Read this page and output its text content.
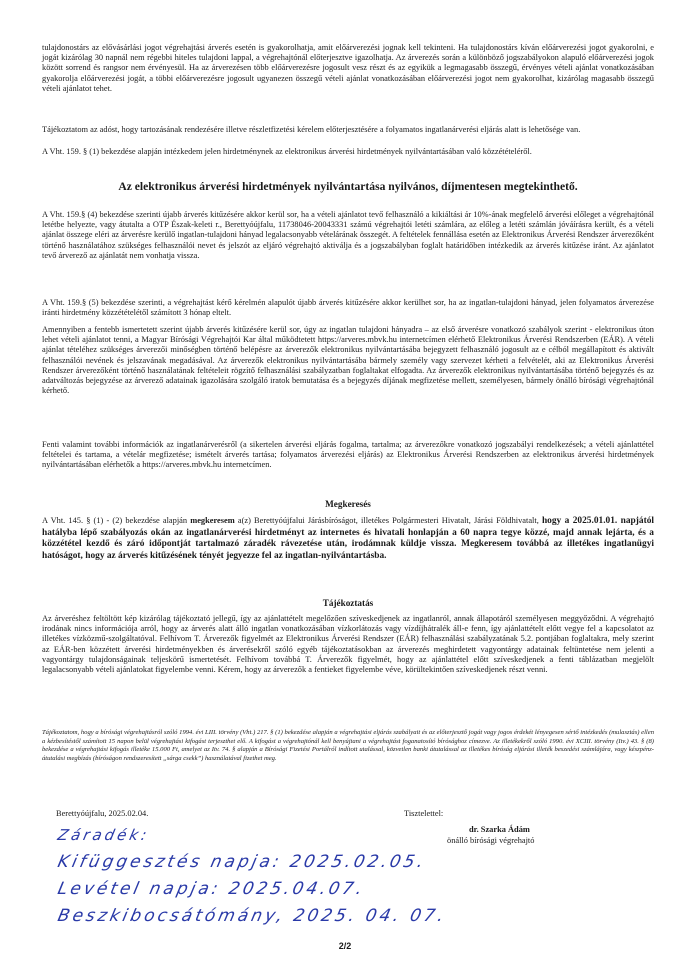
tulajdonostárs az elővásárlási jogot végrehajtási árverés esetén is gyakorolhatja, amit előárverezési jognak kell tekinteni. Ha tulajdonostárs kíván előárverezési jogot gyakorolni, e jogát kizárólag 30 napnál nem régebbi hiteles tulajdoni lappal, a végrehajtónál előterjesztve igazolhatja. Az árverezés során a különböző jogszabályokon alapuló előárverezési jogok között sorrend és rangsor nem érvényesül. Ha az árverezésen több előárverezésre jogosult vesz részt és az egyikük a legmagasabb összegű, érvényes vételi ajánlat vonatkozásában gyakorolja előárverezési jogát, a többi előárverezésre jogosult ugyanezen összegű vételi ajánlat vonatkozásában előárverezési jogot nem gyakorolhat, kizárólag magasabb összegű vételi ajánlatot tehet.

Tájékoztatom az adóst, hogy tartozásának rendezésére illetve részletfizetési kérelem előterjesztésére a folyamatos ingatlanárverési eljárás alatt is lehetősége van.

A Vht. 159. § (1) bekezdése alapján intézkedem jelen hirdetménynek az elektronikus árverési hirdetmények nyilvántartásában való közzétételéről.

Az elektronikus árverési hirdetmények nyilvántartása nyilvános, díjmentesen megtekinthető.

A Vht. 159.§ (4) bekezdése szerinti újabb árverés kitűzésére akkor kerül sor, ha a vételi ajánlatot tevő felhasználó a kikiáltási ár 10%-ának megfelelő árverési előleget a végrehajtónál letétbe helyezte, vagy átutalta a OTP Észak-keleti r., Berettyóújfalu, 11738046-20043331 számú végrehajtói letéti számlára, az előleg a letéti számlán jóváírásra került, és a vételi ajánlat összege eléri az árverésre kerülő ingatlan-tulajdoni hányad legalacsonyabb vételárának összegét. A feltételek fennállása esetén az Elektronikus Árverési Rendszer árverezőként történő használatához szükséges felhasználói nevet és jelszót az eljáró végrehajtó aktiválja és a jogszabályban foglalt határidőben intézkedik az árverés kitűzése iránt. Az ajánlatot tevő árverező az ajánlatát nem vonhatja vissza.

A Vht. 159.§ (5) bekezdése szerinti, a végrehajtást kérő kérelmén alapulót újabb árverés kitűzésére akkor kerülhet sor, ha az ingatlan-tulajdoni hányad, jelen folyamatos árverezése iránti hirdetmény közzétételétől számított 3 hónap eltelt.

Amennyiben a fentebb ismertetett szerint újabb árverés kitűzésére kerül sor, úgy az ingatlan tulajdoni hányadra – az első árverésre vonatkozó szabályok szerint - elektronikus úton lehet vételi ajánlatot tenni, a Magyar Bírósági Végrehajtói Kar által működtetett https://arveres.mbvk.hu internetcímen elérhető Elektronikus Árverési Rendszerben (EÁR). A vételi ajánlat tételéhez szükséges árverezői minőségben történő belépésre az árverezők elektronikus nyilvántartásába bejegyzett felhasználó jogosult az e célból megállapított és aktivált felhasználói nevének és jelszavának megadásával. Az árverezők elektronikus nyilvántartásába bármely személy vagy szervezet kérheti a felvételét, aki az Elektronikus Árverési Rendszer árverezőként történő használatának feltételeit rögzítő felhasználási szabályzatban foglaltakat elfogadta. Az árverezők elektronikus nyilvántartásába történő bejegyzés és az adatváltozás bejegyzése az árverező adatainak igazolására szolgáló iratok bemutatása és a bejegyzés díjának megfizetése mellett, személyesen, bármely önálló bírósági végrehajtónál kérhető.

Fenti valamint további információk az ingatlanárverésről (a sikertelen árverési eljárás fogalma, tartalma; az árverezőkre vonatkozó jogszabályi rendelkezések; a vételi ajánlattétel feltételei és tartama, a vételár megfizetése; ismételt árverés tartása; folyamatos árverezési eljárás) az Elektronikus Árverési Rendszerben az elektronikus árverési hirdetmények nyilvántartásában elérhetők a https://arveres.mbvk.hu internetcímen.

Megkeresés

A Vht. 145. § (1) - (2) bekezdése alapján megkeresem a(z) Berettyóújfalui Járásbíróságot, illetékes Polgármesteri Hivatalt, Járási Földhivatalt, hogy a 2025.01.01. napjától hatályba lépő szabályozás okán az ingatlanárverési hirdetményt az internetes és hivatali honlapján a 60 napra tegye közzé, majd annak lejárta, és a közzététel kezdő és záró időpontját tartalmazó záradék rávezetése után, irodámnak küldje vissza. Megkeresem továbbá az illetékes ingatlanügyi hatóságot, hogy az árverés kitűzésének tényét jegyezze fel az ingatlan-nyilvántartásba.

Tájékoztatás

Az árveréshez feltöltött kép kizárólag tájékoztató jellegű, így az ajánlattételt megelőzően szíveskedjenek az ingatlanról, annak állapotáról személyesen meggyőződni. A végrehajtó irodának nincs információja arról, hogy az árverés alatt álló ingatlan vonatkozásában vízkorlátozás vagy vízdíjhátralék áll-e fenn, így ajánlattételt előtt vegye fel a kapcsolatot az illetékes vízközmű-szolgáltatóval. Felhívom T. Árverezők figyelmét az Elektronikus Árverési Rendszer (EÁR) felhasználási szabályzatának 5.2. pontjában foglaltakra, mely szerint az EÁR-ben közzétett árverési hirdetményekben és árverésekről szóló egyéb tájékoztatásokban az árverezés meghirdetett vagyontárgy adatainak feltüntetése nem jelenti a vagyontárgy tulajdonságainak teljeskörű ismertetését. Felhívom továbbá T. Árverezők figyelmét, hogy az ajánlattétel előtt szíveskedjenek a fenti táblázatban megjelölt legalacsonyabb vételi ajánlatokat figyelembe venni. Kérem, hogy az árverezők a fentieket figyelembe véve, körültekintően szíveskedjenek részt venni.

Tájékoztatom, hogy a bírósági végrehajtásról szóló 1994. évi LIII. törvény (Vht.) 217. § (1) bekezdése alapján a végrehajtási eljárás szabályait és az előterjesztő jogát vagy jogos érdekét lényegesen sértő intézkedés (mulasztás) ellen a kézbesítéstől számított 15 napon belül végrehajtási kifogást terjeszthet elő. A kifogást a végrehajtónál kell benyújtani a végrehajtást foganatosító bírósághoz címezve. Az illetékekről szóló 1990. évi XCIII. törvény (Itv.) 43. § (8) bekezdése a végrehajtási kifogás illetéke 15.000 Ft, amelyet az Itv. 74. § alapján a Bírósági Fizetési Portálról indított utalással, közvetlen banki átutalással az illetékes bíróság eljárási illeték beszedési számlájára, vagy készpénz-átutalási megbízás (bíróságon rendszeresített „sárga csekk”) használatával fizethet meg.

Berettyóújfalu, 2025.02.04.	Tisztelettel:

dr. Szarka Ádám

önálló bírósági végrehajtó

Záradék:

Kifüggesztés napja: 2025.02.05.

Levétel napja: 2025.04.07.

Beszkibocsátómány, 2025. 04. 07.

2/2
